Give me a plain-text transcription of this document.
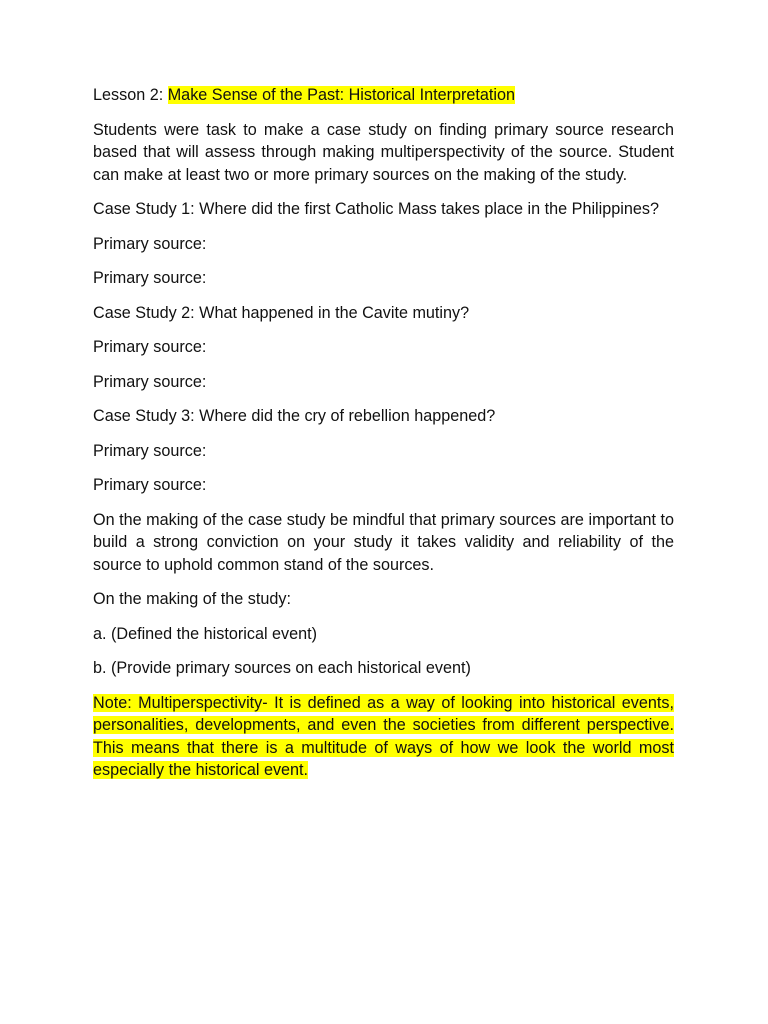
Lesson 2: Make Sense of the Past: Historical Interpretation

Students were task to make a case study on finding primary source research based that will assess through making multiperspectivity of the source. Student can make at least two or more primary sources on the making of the study.

Case Study 1: Where did the first Catholic Mass takes place in the Philippines?

Primary source:

Primary source:

Case Study 2: What happened in the Cavite mutiny?

Primary source:

Primary source:

Case Study 3: Where did the cry of rebellion happened?

Primary source:

Primary source:

On the making of the case study be mindful that primary sources are important to build a strong conviction on your study it takes validity and reliability of the source to uphold common stand of the sources.

On the making of the study:

a. (Defined the historical event)

b. (Provide primary sources on each historical event)

Note: Multiperspectivity- It is defined as a way of looking into historical events, personalities, developments, and even the societies from different perspective. This means that there is a multitude of ways of how we look the world most especially the historical event.
